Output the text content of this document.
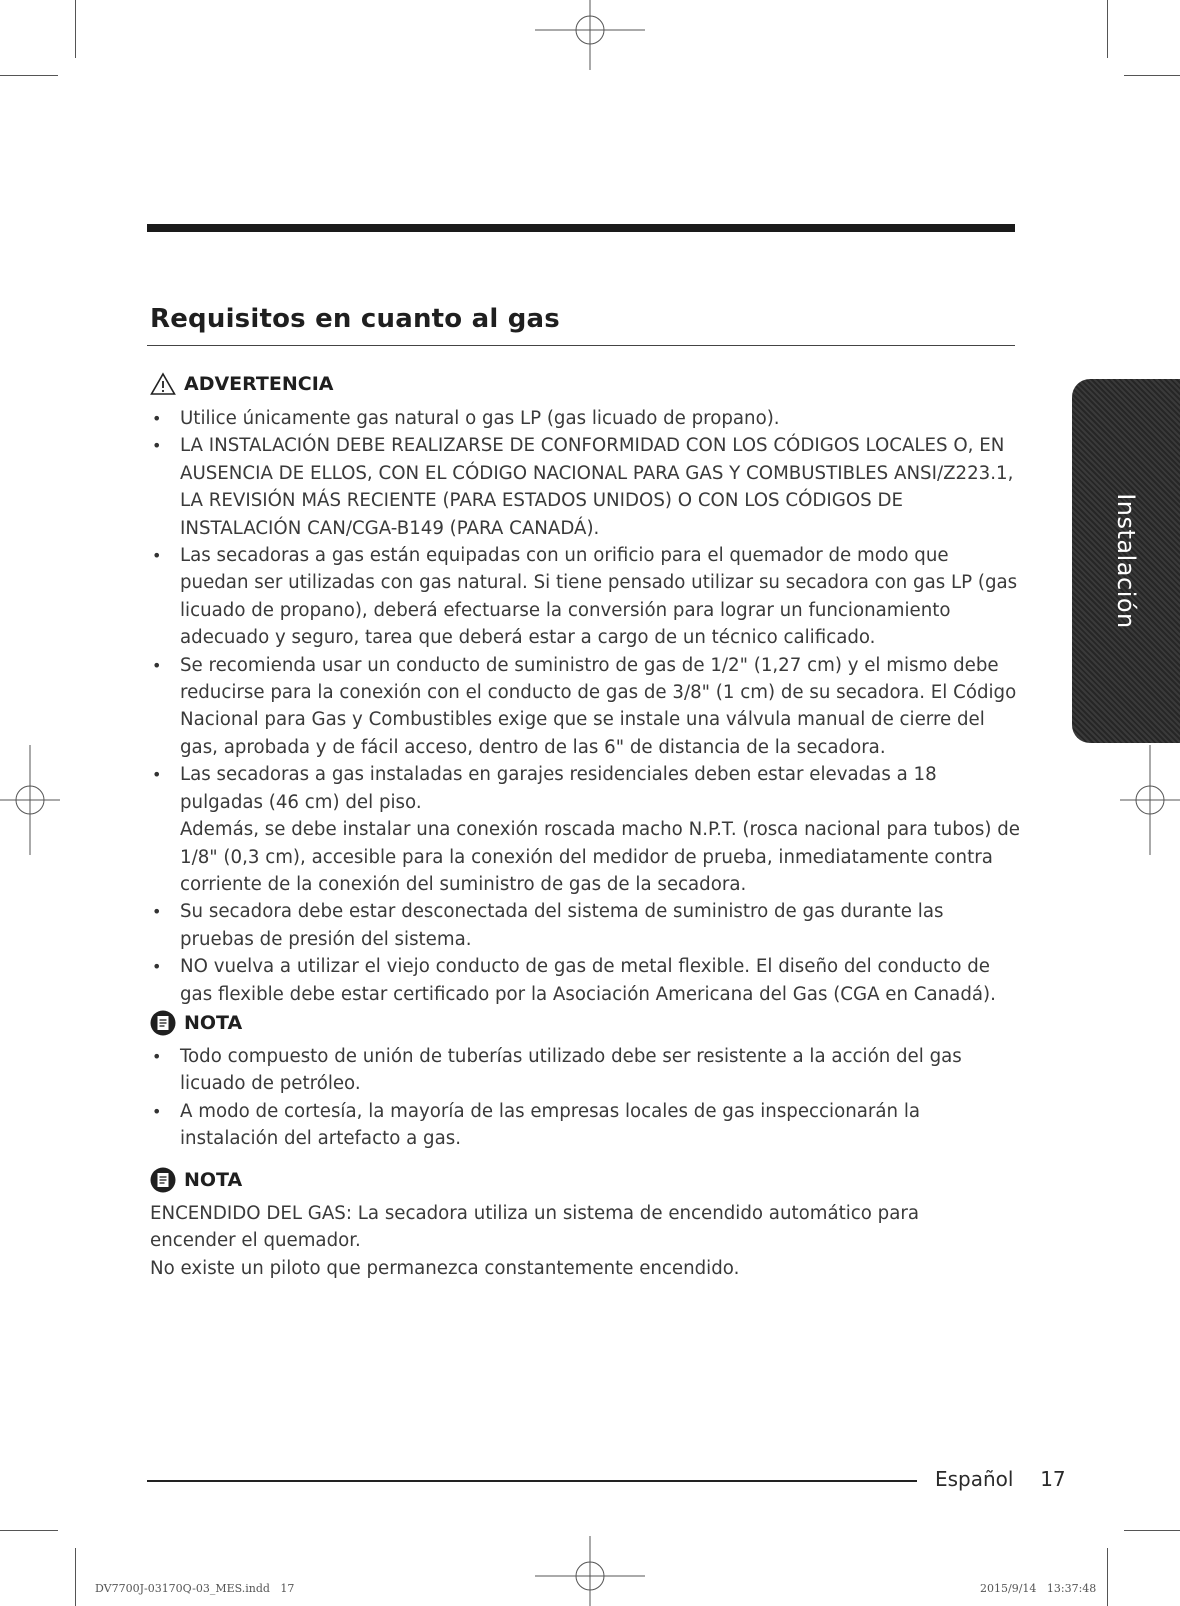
Requisitos en cuanto al gas
ADVERTENCIA
• Utilice únicamente gas natural o gas LP (gas licuado de propano).
• LA INSTALACIÓN DEBE REALIZARSE DE CONFORMIDAD CON LOS CÓDIGOS LOCALES O, EN AUSENCIA DE ELLOS, CON EL CÓDIGO NACIONAL PARA GAS Y COMBUSTIBLES ANSI/Z223.1, LA REVISIÓN MÁS RECIENTE (PARA ESTADOS UNIDOS) O CON LOS CÓDIGOS DE INSTALACIÓN CAN/CGA-B149 (PARA CANADÁ).
• Las secadoras a gas están equipadas con un orificio para el quemador de modo que puedan ser utilizadas con gas natural. Si tiene pensado utilizar su secadora con gas LP (gas licuado de propano), deberá efectuarse la conversión para lograr un funcionamiento adecuado y seguro, tarea que deberá estar a cargo de un técnico calificado.
• Se recomienda usar un conducto de suministro de gas de 1/2" (1,27 cm) y el mismo debe reducirse para la conexión con el conducto de gas de 3/8" (1 cm) de su secadora. El Código Nacional para Gas y Combustibles exige que se instale una válvula manual de cierre del gas, aprobada y de fácil acceso, dentro de las 6" de distancia de la secadora.
• Las secadoras a gas instaladas en garajes residenciales deben estar elevadas a 18 pulgadas (46 cm) del piso.
Además, se debe instalar una conexión roscada macho N.P.T. (rosca nacional para tubos) de 1/8" (0,3 cm), accesible para la conexión del medidor de prueba, inmediatamente contra corriente de la conexión del suministro de gas de la secadora.
• Su secadora debe estar desconectada del sistema de suministro de gas durante las pruebas de presión del sistema.
• NO vuelva a utilizar el viejo conducto de gas de metal flexible. El diseño del conducto de gas flexible debe estar certificado por la Asociación Americana del Gas (CGA en Canadá).
NOTA
• Todo compuesto de unión de tuberías utilizado debe ser resistente a la acción del gas licuado de petróleo.
• A modo de cortesía, la mayoría de las empresas locales de gas inspeccionarán la instalación del artefacto a gas.
NOTA
ENCENDIDO DEL GAS: La secadora utiliza un sistema de encendido automático para encender el quemador.
No existe un piloto que permanezca constantemente encendido.
Instalación
Español 17
DV7700J-03170Q-03_MES.indd   17	2015/9/14   13:37:48
